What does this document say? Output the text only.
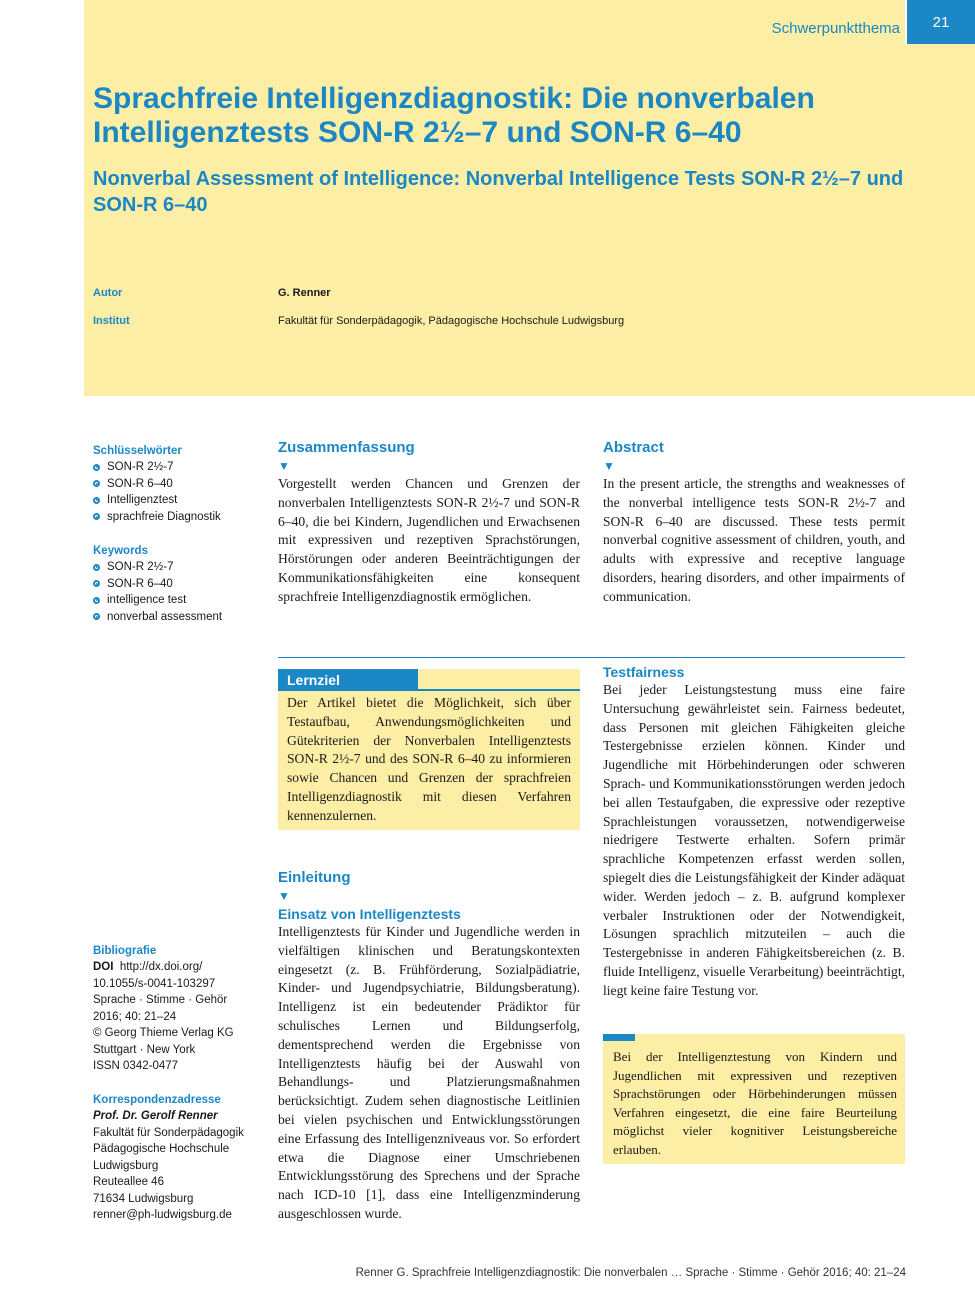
Schwerpunktthema	21
Sprachfreie Intelligenzdiagnostik: Die nonverbalen Intelligenztests SON-R 2½–7 und SON-R 6–40
Nonverbal Assessment of Intelligence: Nonverbal Intelligence Tests SON-R 2½–7 und SON-R 6–40
Autor	G. Renner
Institut	Fakultät für Sonderpädagogik, Pädagogische Hochschule Ludwigsburg

Schlüsselwörter

SON-R 2½-7
SON-R 6–40
Intelligenztest
sprachfreie Diagnostik

Keywords

SON-R 2½-7
SON-R 6–40
intelligence test
nonverbal assessment

Zusammenfassung

▼

Vorgestellt werden Chancen und Grenzen der nonverbalen Intelligenztests SON-R 2½-7 und SON-R 6–40, die bei Kindern, Jugendlichen und Erwachsenen mit expressiven und rezeptiven Sprachstörungen, Hörstörungen oder anderen Beeinträchtigungen der Kommunikationsfähigkeiten eine konsequent sprachfreie Intelligenzdiagnostik ermöglichen.

Abstract

▼

In the present article, the strengths and weaknesses of the nonverbal intelligence tests SON-R 2½-7 and SON-R 6–40 are discussed. These tests permit nonverbal cognitive assessment of children, youth, and adults with expressive and receptive language disorders, hearing disorders, and other impairments of communication.

Lernziel

Der Artikel bietet die Möglichkeit, sich über Testaufbau, Anwendungsmöglichkeiten und Gütekriterien der Nonverbalen Intelligenztests SON-R 2½-7 und des SON-R 6–40 zu informieren sowie Chancen und Grenzen der sprachfreien Intelligenzdiagnostik mit diesen Verfahren kennenzulernen.

Einleitung

▼

Einsatz von Intelligenztests

Intelligenztests für Kinder und Jugendliche werden in vielfältigen klinischen und Beratungskontexten eingesetzt (z. B. Frühförderung, Sozialpädiatrie, Kinder- und Jugendpsychiatrie, Bildungsberatung). Intelligenz ist ein bedeutender Prädiktor für schulisches Lernen und Bildungserfolg, dementsprechend werden die Ergebnisse von Intelligenztests häufig bei der Auswahl von Behandlungs- und Platzierungsmaßnahmen berücksichtigt. Zudem sehen diagnostische Leitlinien bei vielen psychischen und Entwicklungsstörungen eine Erfassung des Intelligenzniveaus vor. So erfordert etwa die Diagnose einer Umschriebenen Entwicklungsstörung des Sprechens und der Sprache nach ICD-10 [1], dass eine Intelligenzminderung ausgeschlossen wurde.

Testfairness

Bei jeder Leistungstestung muss eine faire Untersuchung gewährleistet sein. Fairness bedeutet, dass Personen mit gleichen Fähigkeiten gleiche Testergebnisse erzielen können. Kinder und Jugendliche mit Hörbehinderungen oder schweren Sprach- und Kommunikationsstörungen werden jedoch bei allen Testaufgaben, die expressive oder rezeptive Sprachleistungen voraussetzen, notwendigerweise niedrigere Testwerte erhalten. Sofern primär sprachliche Kompetenzen erfasst werden sollen, spiegelt dies die Leistungsfähigkeit der Kinder adäquat wider. Werden jedoch – z. B. aufgrund komplexer verbaler Instruktionen oder der Notwendigkeit, Lösungen sprachlich mitzuteilen – auch die Testergebnisse in anderen Fähigkeitsbereichen (z. B. fluide Intelligenz, visuelle Verarbeitung) beeinträchtigt, liegt keine faire Testung vor.

Bei der Intelligenztestung von Kindern und Jugendlichen mit expressiven und rezeptiven Sprachstörungen oder Hörbehinderungen müssen Verfahren eingesetzt, die eine faire Beurteilung möglichst vieler kognitiver Leistungsbereiche erlauben.

Bibliografie

DOI http://dx.doi.org/

10.1055/s-0041-103297

Sprache · Stimme · Gehör

2016; 40: 21–24

© Georg Thieme Verlag KG

Stuttgart · New York

ISSN 0342-0477

Korrespondenzadresse

Prof. Dr. Gerolf Renner

Fakultät für Sonderpädagogik

Pädagogische Hochschule

Ludwigsburg

Reuteallee 46

71634 Ludwigsburg

renner@ph-ludwigsburg.de

Renner G. Sprachfreie Intelligenzdiagnostik: Die nonverbalen … Sprache · Stimme · Gehör 2016; 40: 21–24
